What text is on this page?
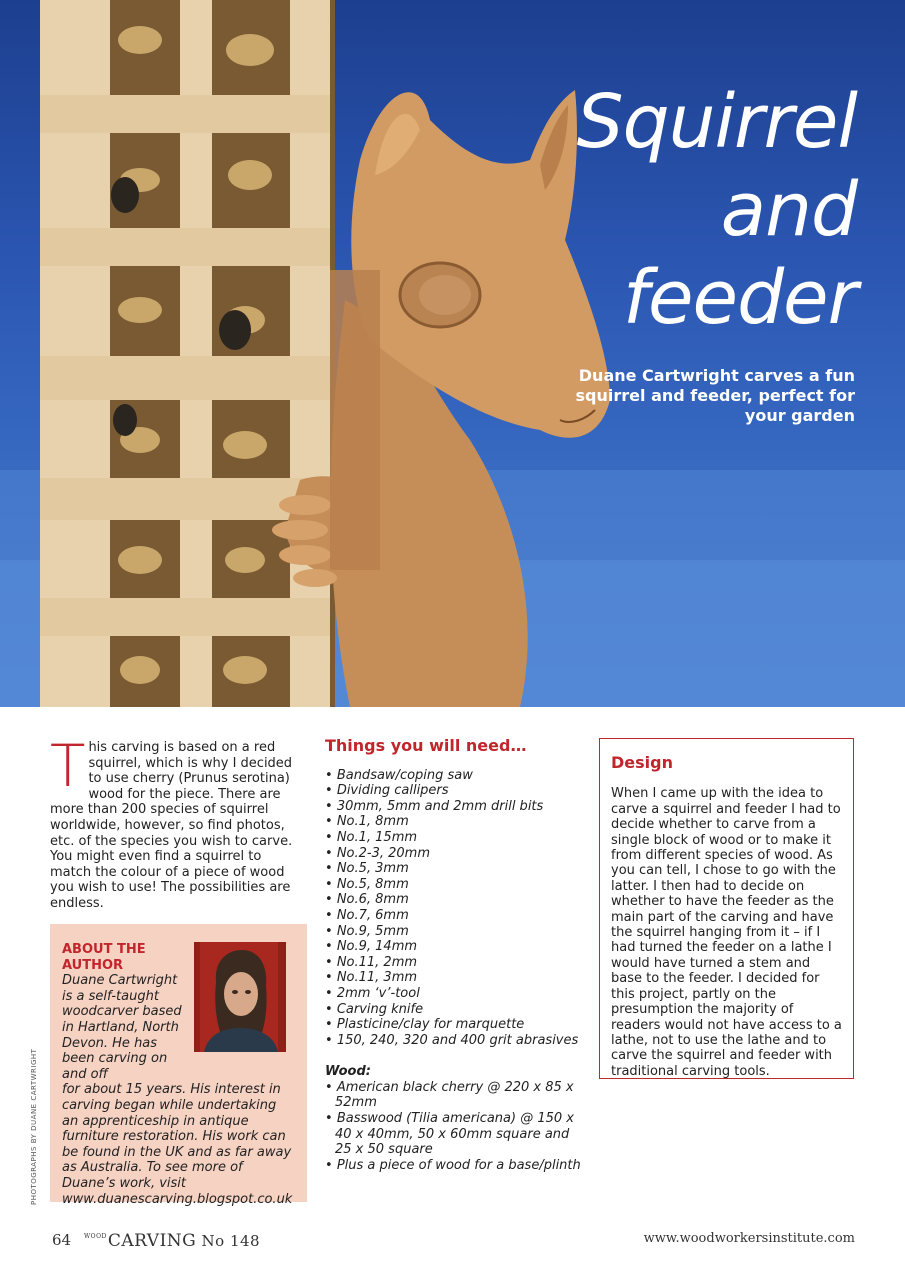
Squirrel
and
feeder
Duane Cartwright carves a fun squirrel and feeder, perfect for your garden
T his carving is based on a red squirrel, which is why I decided to use cherry (Prunus serotina) wood for the piece. There are more than 200 species of squirrel worldwide, however, so find photos, etc. of the species you wish to carve. You might even find a squirrel to match the colour of a piece of wood you wish to use! The possibilities are endless.
ABOUT THE AUTHOR
Duane Cartwright is a self-taught woodcarver based in Hartland, North Devon. He has been carving on and off
for about 15 years. His interest in carving began while undertaking an apprenticeship in antique furniture restoration. His work can be found in the UK and as far away as Australia. To see more of Duane’s work, visit www.duanescarving.blogspot.co.uk
PHOTOGRAPHS BY DUANE CARTWRIGHT
Things you will need…
• Bandsaw/coping saw
• Dividing callipers
• 30mm, 5mm and 2mm drill bits
• No.1, 8mm
• No.1, 15mm
• No.2-3, 20mm
• No.5, 3mm
• No.5, 8mm
• No.6, 8mm
• No.7, 6mm
• No.9, 5mm
• No.9, 14mm
• No.11, 2mm
• No.11, 3mm
• 2mm ‘v’-tool
• Carving knife
• Plasticine/clay for marquette
• 150, 240, 320 and 400 grit abrasives
Wood:
• American black cherry @ 220 x 85 x 52mm
• Basswood (Tilia americana) @ 150 x 40 x 40mm, 50 x 60mm square and 25 x 50 square
• Plus a piece of wood for a base/plinth
Design

When I came up with the idea to carve a squirrel and feeder I had to decide whether to carve from a single block of wood or to make it from different species of wood. As you can tell, I chose to go with the latter. I then had to decide on whether to have the feeder as the main part of the carving and have the squirrel hanging from it – if I had turned the feeder on a lathe I would have turned a stem and base to the feeder. I decided for this project, partly on the presumption the majority of readers would not have access to a lathe, not to use the lathe and to carve the squirrel and feeder with traditional carving tools.

64 $^{WOOD}$CARVING No 148	www.woodworkersinstitute.com
